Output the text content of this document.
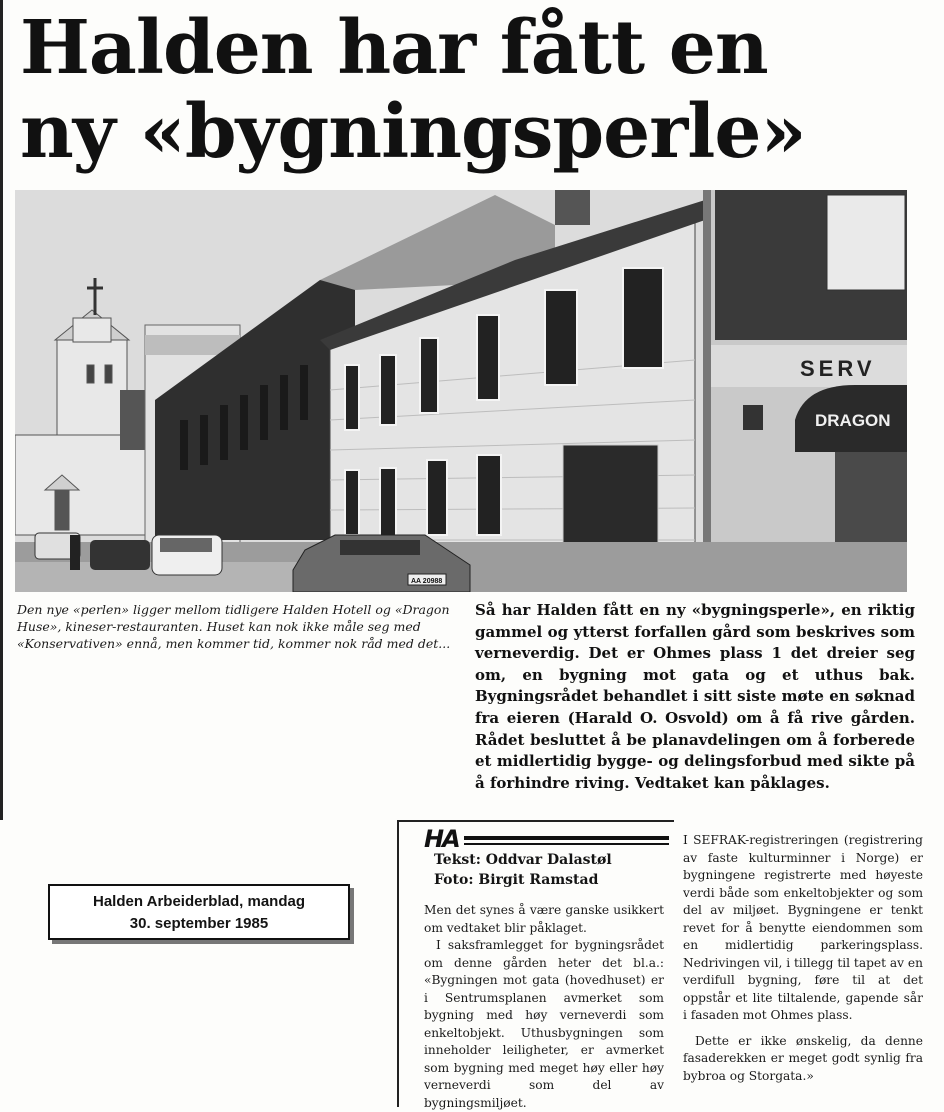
Halden har fått en
ny «bygningsperle»
SERV
DRAGON
AA 20988

Den nye «perlen» ligger mellom tidligere Halden Hotell og «Dragon Huse», kineser-restauranten. Huset kan nok ikke måle seg med «Konservativen» ennå, men kommer tid, kommer nok råd med det...

Så har Halden fått en ny «bygningsperle», en riktig gammel og ytterst forfallen gård som beskrives som verneverdig. Det er Ohmes plass 1 det dreier seg om, en bygning mot gata og et uthus bak. Bygningsrådet behandlet i sitt siste møte en søknad fra eieren (Harald O. Osvold) om å få rive gården. Rådet besluttet å be planavdelingen om å forberede et midlertidig bygge- og delingsforbud med sikte på å forhindre riving. Vedtaket kan påklages.

Halden Arbeiderblad, mandag
30. september 1985
HA
Tekst: Oddvar Dalastøl
Foto: Birgit Ramstad

Men det synes å være ganske usikkert om vedtaket blir påklaget.

I saksframlegget for bygningsrådet om denne gården heter det bl.a.: «Bygningen mot gata (hovedhuset) er i Sentrumsplanen avmerket som bygning med høy verneverdi som enkeltobjekt. Uthusbygningen som inneholder leiligheter, er avmerket som bygning med meget høy eller høy verneverdi som del av bygningsmiljøet.

I SEFRAK-registreringen (registrering av faste kulturminner i Norge) er bygningene registrerte med høyeste verdi både som enkeltobjekter og som del av miljøet. Bygningene er tenkt revet for å benytte eiendommen som en midlertidig parkeringsplass. Nedrivingen vil, i tillegg til tapet av en verdifull bygning, føre til at det oppstår et lite tiltalende, gapende sår i fasaden mot Ohmes plass.

Dette er ikke ønskelig, da denne fasaderekken er meget godt synlig fra bybroa og Storgata.»
